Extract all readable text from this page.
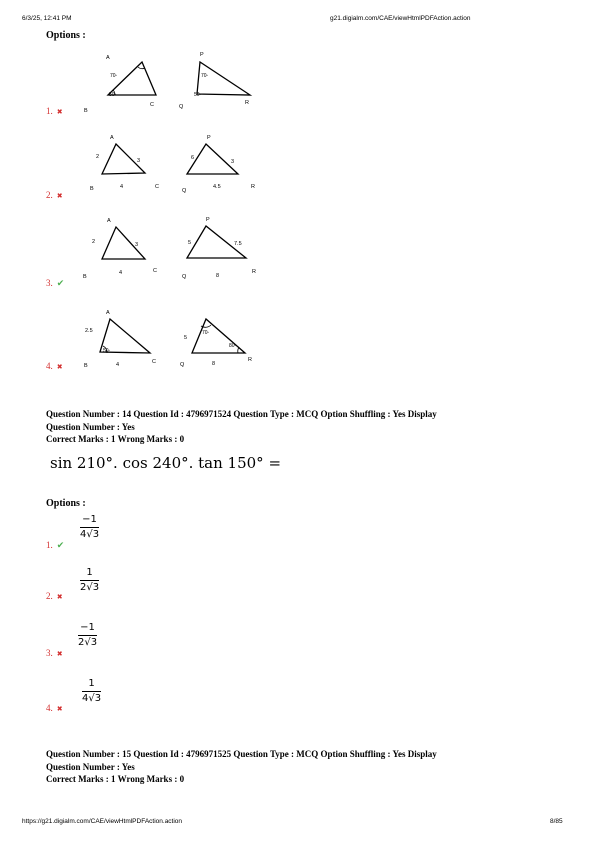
6/3/25, 12:41 PM	g21.digialm.com/CAE/viewHtmlPDFAction.action
Options :
1. ✖
A
50◦
70◦
B
C
P
70◦
50◦
Q
R
2. ✖
A
2
3
4
B	C
P
6
3
4.5
Q
R
3. ✔
A
2	3
4
B
C
P
5	7.5
8
Q
R
4. ✖
A
2.5
50◦
4
B
C
70◦
80◦
5
8
Q
R
Question Number : 14 Question Id : 4796971524 Question Type : MCQ Option Shuffling : Yes Display
Question Number : Yes
Correct Marks : 1 Wrong Marks : 0
sin 210°. cos 240°. tan 150° =
Options :
1. ✔
−1
4√3
2. ✖
1
2√3
3. ✖
−1
2√3
4. ✖
1
4√3
Question Number : 15 Question Id : 4796971525 Question Type : MCQ Option Shuffling : Yes Display
Question Number : Yes
Correct Marks : 1 Wrong Marks : 0
https://g21.digialm.com/CAE/viewHtmlPDFAction.action	8/85
